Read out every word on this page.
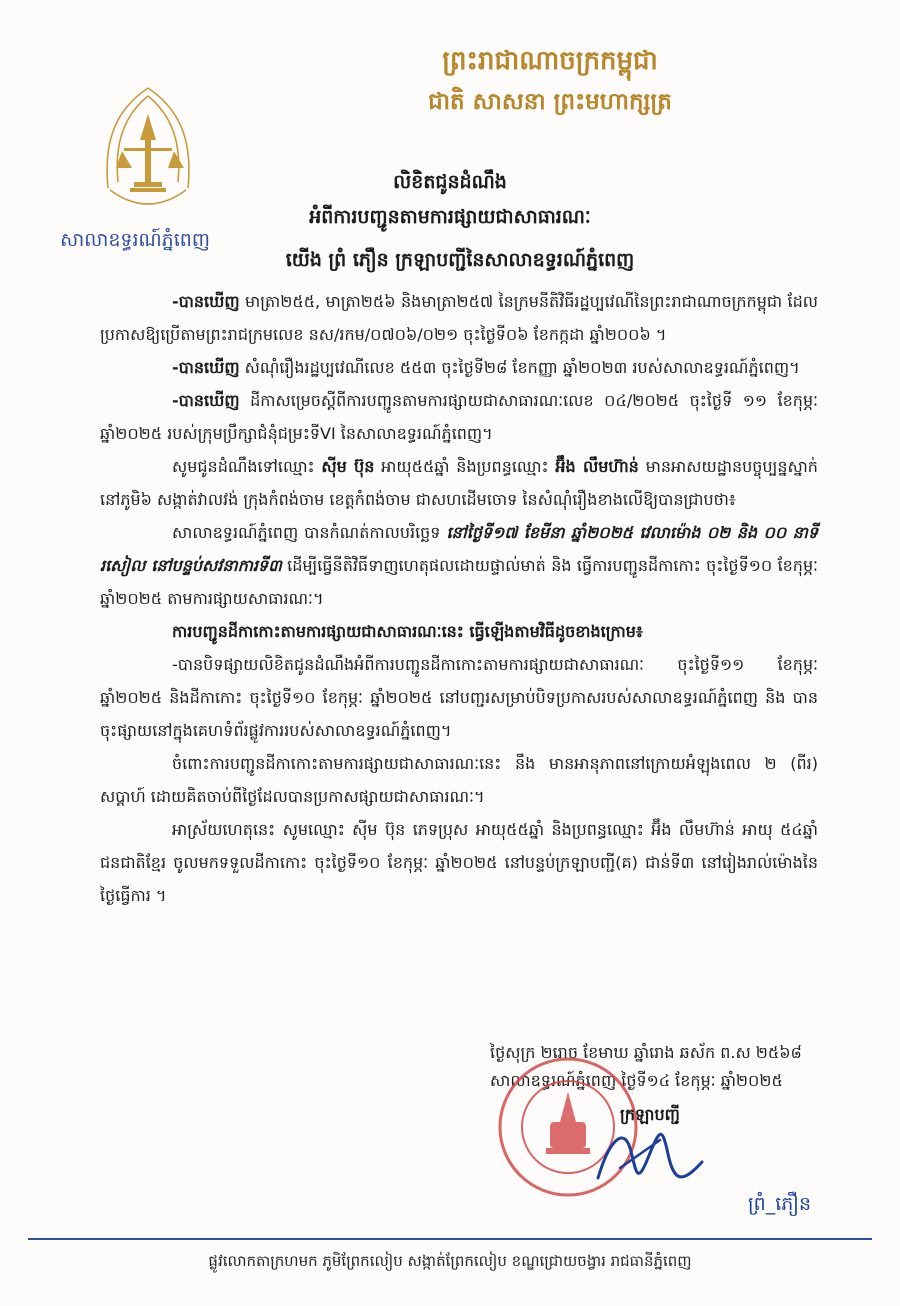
សាលាឧទ្ធរណ៍ភ្នំពេញ
ព្រះរាជាណាចក្រកម្ពុជា
ជាតិ សាសនា ព្រះមហាក្សត្រ
លិខិតជូនដំណឹង
អំពីការបញ្ជូនតាមការផ្សាយជាសាធារណៈ
យើង ព្រំ ភឿន ក្រឡាបញ្ជីនៃសាលាឧទ្ធរណ៍ភ្នំពេញ

-បានឃើញ មាត្រា២៥៥, មាត្រា២៥៦ និងមាត្រា២៥៧ នៃក្រមនីតិវិធីរដ្ឋប្បវេណីនៃព្រះរាជាណាចក្រកម្ពុជា ដែលប្រកាសឱ្យប្រើតាមព្រះរាជក្រមលេខ នស/រកម/០៧០៦/០២១ ចុះថ្ងៃទី០៦ ខែកក្កដា ឆ្នាំ២០០៦ ។

-បានឃើញ សំណុំរឿងរដ្ឋប្បវេណីលេខ ៥៥៣ ចុះថ្ងៃទី២៨ ខែកញ្ញា ឆ្នាំ២០២៣ របស់សាលាឧទ្ធរណ៍ភ្នំពេញ។

-បានឃើញ ដីកាសម្រេចស្តីពីការបញ្ជូនតាមការផ្សាយជាសាធារណៈលេខ ០៤/២០២៥ ចុះថ្ងៃទី ១១ ខែកុម្ភៈ ឆ្នាំ២០២៥ របស់ក្រុមប្រឹក្សាជំនុំជម្រះទីVI នៃសាលាឧទ្ធរណ៍ភ្នំពេញ។

សូមជូនដំណឹងទៅឈ្មោះ ស៊ីម ប៊ុន អាយុ៥៥ឆ្នាំ និងប្រពន្ធឈ្មោះ អ៊ឹង លឹមហ៊ាន់ មានអាសយដ្ឋានបច្ចុប្បន្នស្នាក់នៅភូមិ៦ សង្កាត់វាលវង់ ក្រុងកំពង់ចាម ខេត្តកំពង់ចាម ជាសហដើមចោទ នៃសំណុំរឿងខាងលើឱ្យបានជ្រាបថា៖

សាលាឧទ្ធរណ៍ភ្នំពេញ បានកំណត់កាលបរិច្ឆេទ នៅថ្ងៃទី១៧ ខែមីនា ឆ្នាំ២០២៥ វេលាម៉ោង ០២ និង ០០ នាទី រសៀល នៅបន្ទប់សវនាការទី៣ ដើម្បីធ្វើនីតិវិធីទាញហេតុផលដោយផ្ទាល់មាត់ និង ធ្វើការបញ្ជូនដីកាកោះ ចុះថ្ងៃទី១០ ខែកុម្ភៈ ឆ្នាំ២០២៥ តាមការផ្សាយសាធារណៈ។

ការបញ្ជូនដីកាកោះតាមការផ្សាយជាសាធារណៈនេះ ធ្វើឡើងតាមវិធីដូចខាងក្រោម៖

-បានបិទផ្សាយលិខិតជូនដំណឹងអំពីការបញ្ជូនដីកាកោះតាមការផ្សាយជាសាធារណៈ ចុះថ្ងៃទី១១ ខែកុម្ភៈ ឆ្នាំ២០២៥ និងដីកាកោះ ចុះថ្ងៃទី១០ ខែកុម្ភៈ ឆ្នាំ២០២៥ នៅបញ្ជរសម្រាប់បិទប្រកាសរបស់សាលាឧទ្ធរណ៍ភ្នំពេញ និង បានចុះផ្សាយនៅក្នុងគេហទំព័រផ្លូវការរបស់សាលាឧទ្ធរណ៍ភ្នំពេញ។

ចំពោះការបញ្ជូនដីកាកោះតាមការផ្សាយជាសាធារណៈនេះ នឹង មានអានុភាពនៅក្រោយអំឡុងពេល ២ (ពីរ) សប្តាហ៍ ដោយគិតចាប់ពីថ្ងៃដែលបានប្រកាសផ្សាយជាសាធារណៈ។

អាស្រ័យហេតុនេះ សូមឈ្មោះ ស៊ីម ប៊ុន ភេទប្រុស អាយុ៥៥ឆ្នាំ និងប្រពន្ធឈ្មោះ អ៊ឹង លឹមហ៊ាន់ អាយុ ៥៤ឆ្នាំ ជនជាតិខ្មែរ ចូលមកទទួលដីកាកោះ ចុះថ្ងៃទី១០ ខែកុម្ភៈ ឆ្នាំ២០២៥ នៅបន្ទប់ក្រឡាបញ្ជី(គ) ជាន់ទី៣ នៅរៀងរាល់ម៉ោងនៃថ្ងៃធ្វើការ ។

ថ្ងៃសុក្រ ២រោច ខែមាឃ ឆ្នាំរោង ឆស័ក ព.ស ២៥៦៨
សាលាឧទ្ធរណ៍ភ្នំពេញ ថ្ងៃទី១៤ ខែកុម្ភៈ ឆ្នាំ២០២៥
ក្រឡាបញ្ជី
ព្រំ_ភឿន
ផ្លូវលោកតាក្រហមក ភូមិព្រែកលៀប សង្កាត់ព្រែកលៀប ខណ្ឌជ្រោយចង្វារ រាជធានីភ្នំពេញ
